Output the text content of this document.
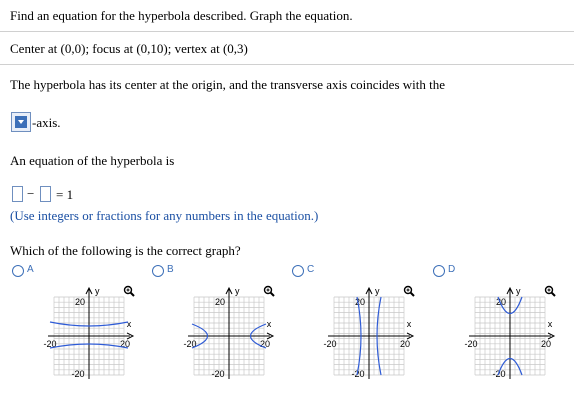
Find an equation for the hyperbola described. Graph the equation.
Center at (0,0); focus at (0,10); vertex at (0,3)
The hyperbola has its center at the origin, and the transverse axis coincides with the
-axis.
An equation of the hyperbola is
− = 1
(Use integers or fractions for any numbers in the equation.)
Which of the following is the correct graph?
A	B	C	D
y
x
20
-20	20
-20
y
x
20
-20	20
-20
y
x
20
-20	20
-20
y
x
20
-20	20
-20
